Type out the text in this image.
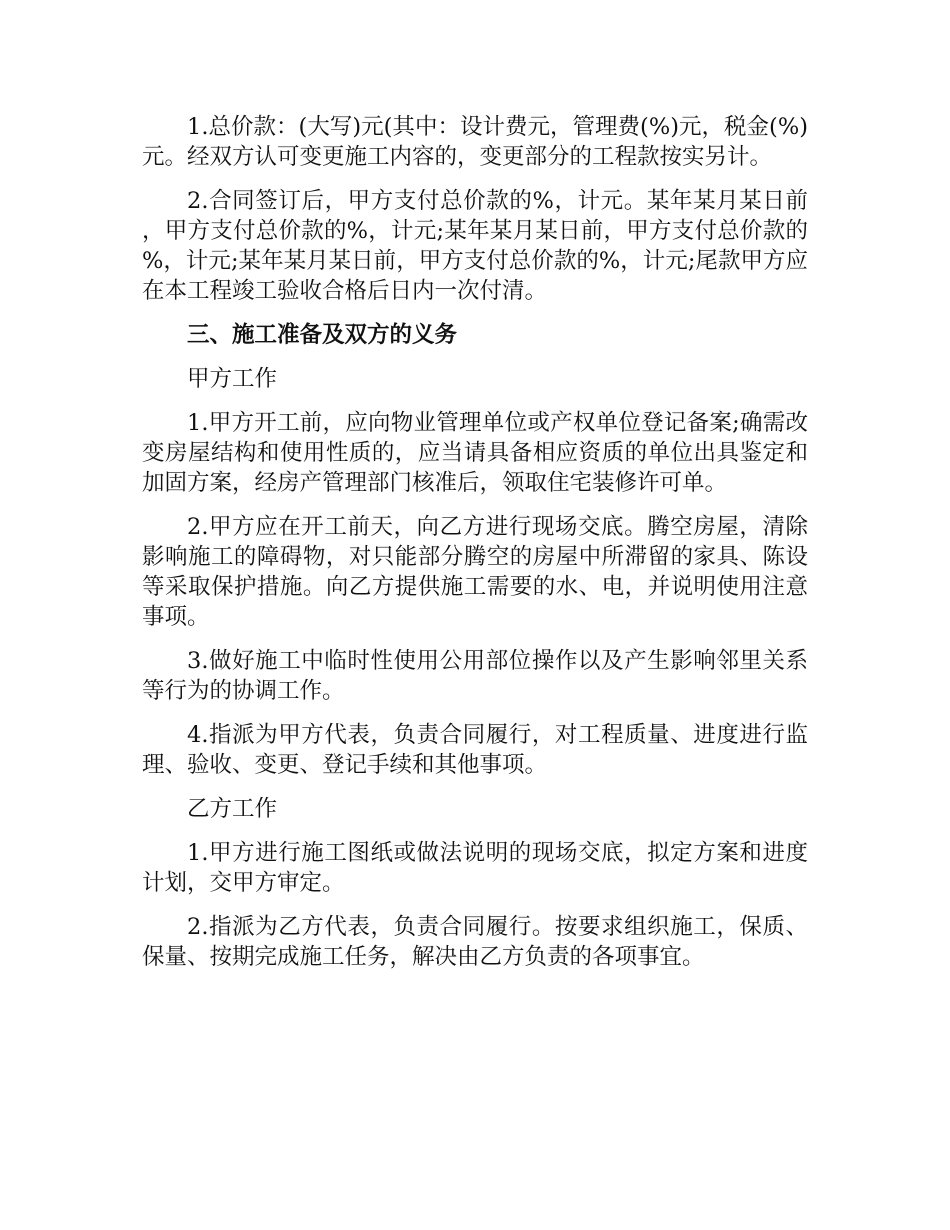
1.总价款：(大写)元(其中：设计费元，管理费(%)元，税金(%)元。经双方认可变更施工内容的，变更部分的工程款按实另计。

2.合同签订后，甲方支付总价款的%，计元。某年某月某日前，甲方支付总价款的%，计元;某年某月某日前，甲方支付总价款的%，计元;某年某月某日前，甲方支付总价款的%，计元;尾款甲方应在本工程竣工验收合格后日内一次付清。

三、施工准备及双方的义务

甲方工作

1.甲方开工前，应向物业管理单位或产权单位登记备案;确需改变房屋结构和使用性质的，应当请具备相应资质的单位出具鉴定和加固方案，经房产管理部门核准后，领取住宅装修许可单。

2.甲方应在开工前天，向乙方进行现场交底。腾空房屋，清除影响施工的障碍物，对只能部分腾空的房屋中所滞留的家具、陈设等采取保护措施。向乙方提供施工需要的水、电，并说明使用注意事项。

3.做好施工中临时性使用公用部位操作以及产生影响邻里关系等行为的协调工作。

4.指派为甲方代表，负责合同履行，对工程质量、进度进行监理、验收、变更、登记手续和其他事项。

乙方工作

1.甲方进行施工图纸或做法说明的现场交底，拟定方案和进度计划，交甲方审定。

2.指派为乙方代表，负责合同履行。按要求组织施工，保质、保量、按期完成施工任务，解决由乙方负责的各项事宜。
